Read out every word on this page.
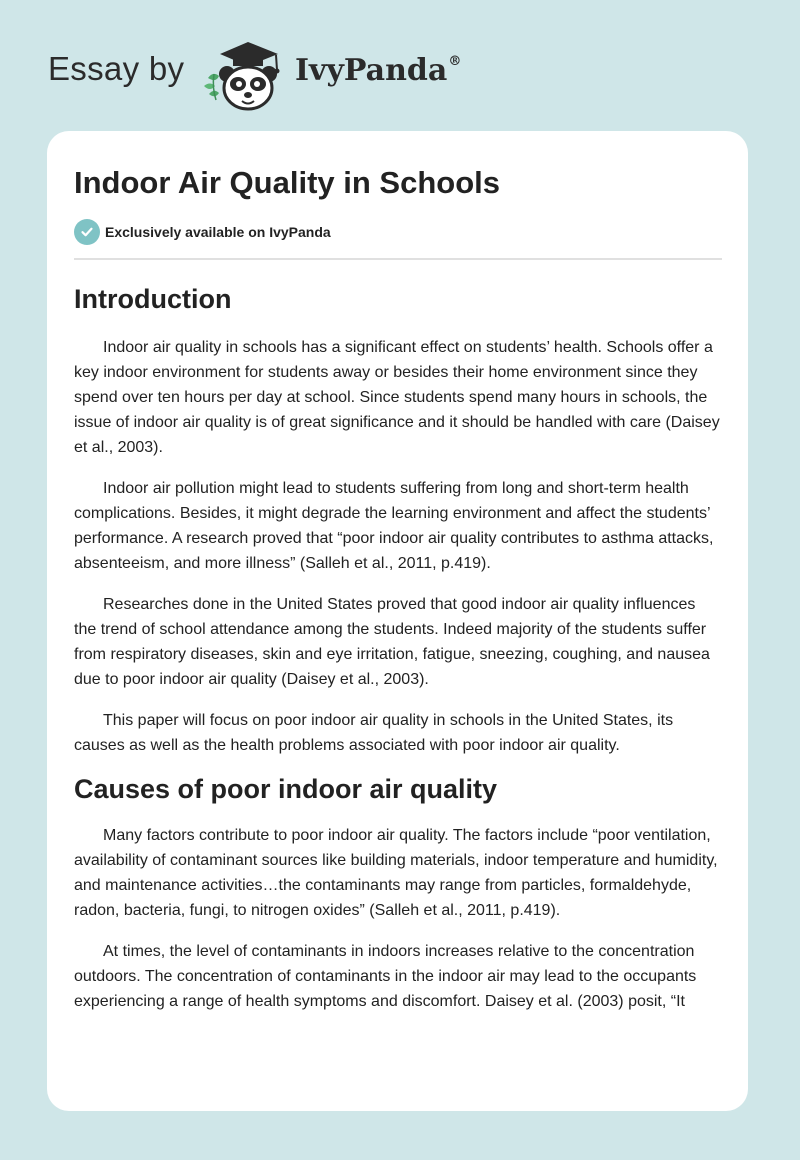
Essay by	IvyPanda®
Indoor Air Quality in Schools
Exclusively available on IvyPanda
Introduction

Indoor air quality in schools has a significant effect on students’ health. Schools offer a key indoor environment for students away or besides their home environment since they spend over ten hours per day at school. Since students spend many hours in schools, the issue of indoor air quality is of great significance and it should be handled with care (Daisey et al., 2003).

Indoor air pollution might lead to students suffering from long and short-term health complications. Besides, it might degrade the learning environment and affect the students’ performance. A research proved that “poor indoor air quality contributes to asthma attacks, absenteeism, and more illness” (Salleh et al., 2011, p.419).

Researches done in the United States proved that good indoor air quality influences the trend of school attendance among the students. Indeed majority of the students suffer from respiratory diseases, skin and eye irritation, fatigue, sneezing, coughing, and nausea due to poor indoor air quality (Daisey et al., 2003).

This paper will focus on poor indoor air quality in schools in the United States, its causes as well as the health problems associated with poor indoor air quality.

Causes of poor indoor air quality

Many factors contribute to poor indoor air quality. The factors include “poor ventilation, availability of contaminant sources like building materials, indoor temperature and humidity, and maintenance activities…the contaminants may range from particles, formaldehyde, radon, bacteria, fungi, to nitrogen oxides” (Salleh et al., 2011, p.419).

At times, the level of contaminants in indoors increases relative to the concentration outdoors. The concentration of contaminants in the indoor air may lead to the occupants experiencing a range of health symptoms and discomfort. Daisey et al. (2003) posit, “It
